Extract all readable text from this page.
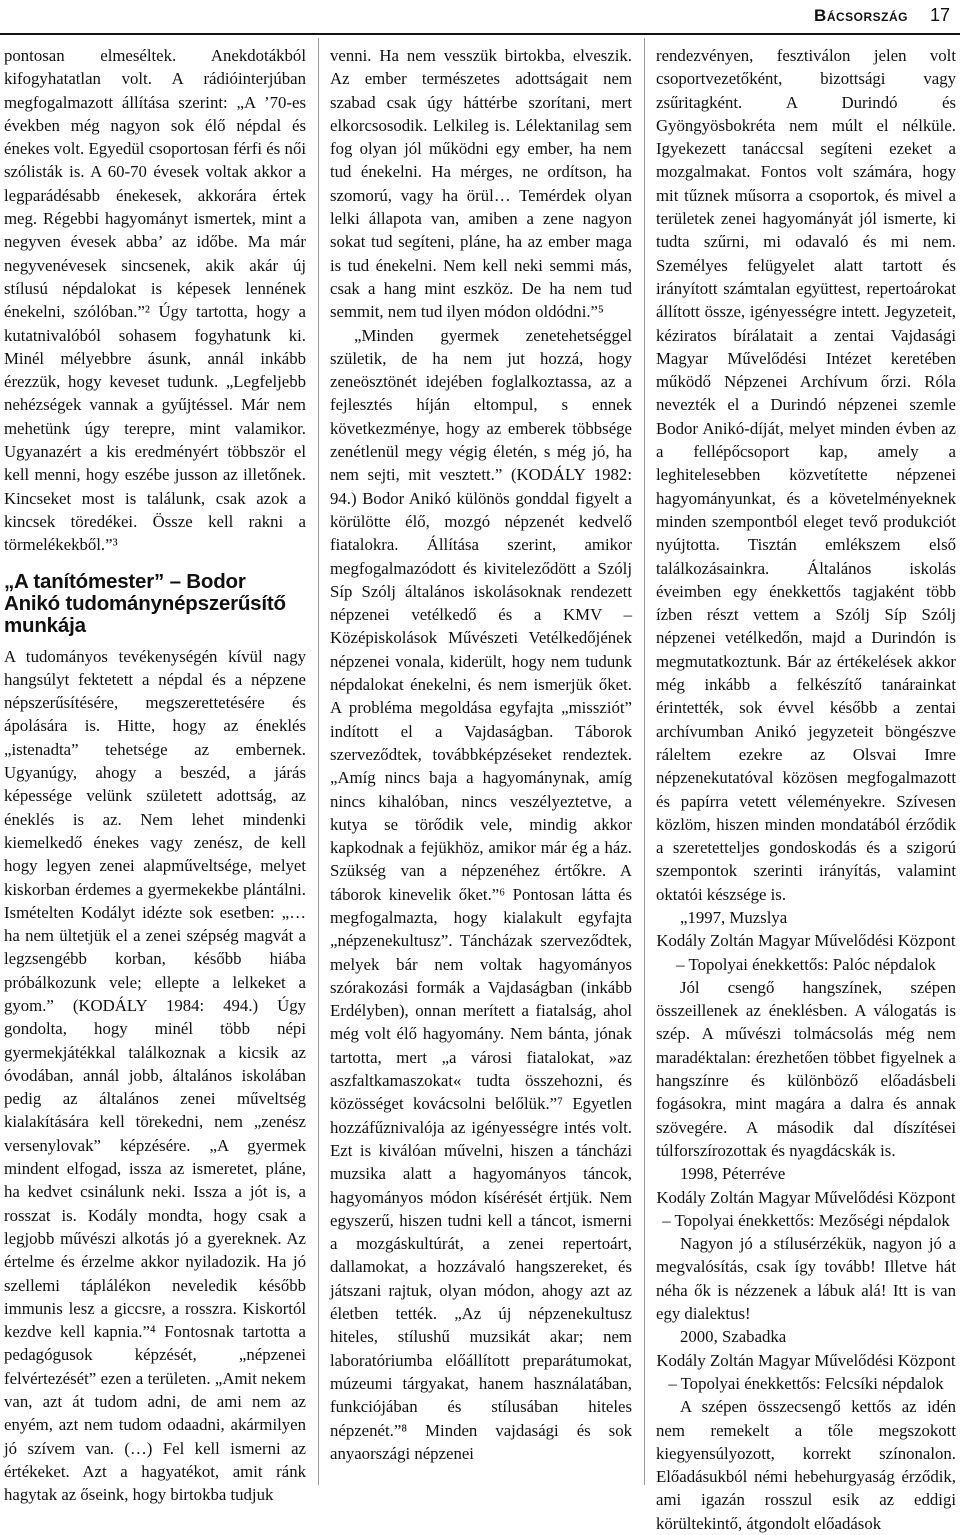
Bácsország 17

pontosan elmeséltek. Anekdotákból kifogyhatatlan volt. A rádióinterjúban megfogalmazott állítása szerint: „A ’70-es években még nagyon sok élő népdal és énekes volt. Egyedül csoportosan férfi és női szólisták is. A 60-70 évesek voltak akkor a legparádésabb énekesek, akkorára értek meg. Régebbi hagyományt ismertek, mint a negyven évesek abba’ az időbe. Ma már negyvenévesek sincsenek, akik akár új stílusú népdalokat is képesek lennének énekelni, szólóban.”² Úgy tartotta, hogy a kutatnivalóból sohasem fogyhatunk ki. Minél mélyebbre ásunk, annál inkább érezzük, hogy keveset tudunk. „Legfeljebb nehézségek vannak a gyűjtéssel. Már nem mehetünk úgy terepre, mint valamikor. Ugyanazért a kis eredményért többször el kell menni, hogy eszébe jusson az illetőnek. Kincseket most is találunk, csak azok a kincsek töredékei. Össze kell rakni a törmelékekből.”³

„A tanítómester” – Bodor Anikó tudománynépszerűsítő munkája

A tudományos tevékenységén kívül nagy hangsúlyt fektetett a népdal és a népzene népszerűsítésére, megszerettetésére és ápolására is. Hitte, hogy az éneklés „istenadta” tehetsége az embernek. Ugyanúgy, ahogy a beszéd, a járás képessége velünk született adottság, az éneklés is az. Nem lehet mindenki kiemelkedő énekes vagy zenész, de kell hogy legyen zenei alapműveltsége, melyet kiskorban érdemes a gyermekekbe plántálni. Ismételten Kodályt idézte sok esetben: „… ha nem ültetjük el a zenei szépség magvát a legzsengébb korban, később hiába próbálkozunk vele; ellepte a lelkeket a gyom.” (KODÁLY 1984: 494.) Úgy gondolta, hogy minél több népi gyermekjátékkal találkoznak a kicsik az óvodában, annál jobb, általános iskolában pedig az általános zenei műveltség kialakítására kell törekedni, nem „zenész versenylovak” képzésére. „A gyermek mindent elfogad, issza az ismeretet, pláne, ha kedvet csinálunk neki. Issza a jót is, a rosszat is. Kodály mondta, hogy csak a legjobb művészi alkotás jó a gyereknek. Az értelme és érzelme akkor nyiladozik. Ha jó szellemi táplálékon neveledik később immunis lesz a giccsre, a rosszra. Kiskortól kezdve kell kapnia.”⁴ Fontosnak tartotta a pedagógusok képzését, „népzenei felvértezését” ezen a területen. „Amit nekem van, azt át tudom adni, de ami nem az enyém, azt nem tudom odaadni, akármilyen jó szívem van. (…) Fel kell ismerni az értékeket. Azt a hagyatékot, amit ránk hagytak az őseink, hogy birtokba tudjuk

venni. Ha nem vesszük birtokba, elveszik. Az ember természetes adottságait nem szabad csak úgy háttérbe szorítani, mert elkorcsosodik. Lelkileg is. Lélektanilag sem fog olyan jól működni egy ember, ha nem tud énekelni. Ha mérges, ne ordítson, ha szomorú, vagy ha örül… Temérdek olyan lelki állapota van, amiben a zene nagyon sokat tud segíteni, pláne, ha az ember maga is tud énekelni. Nem kell neki semmi más, csak a hang mint eszköz. De ha nem tud semmit, nem tud ilyen módon oldódni.”⁵

„Minden gyermek zenetehetséggel születik, de ha nem jut hozzá, hogy zeneösztönét idejében foglalkoztassa, az a fejlesztés híján eltompul, s ennek következménye, hogy az emberek többsége zenétlenül megy végig életén, s még jó, ha nem sejti, mit vesztett.” (KODÁLY 1982: 94.) Bodor Anikó különös gonddal figyelt a körülötte élő, mozgó népzenét kedvelő fiatalokra. Állítása szerint, amikor megfogalmazódott és kiviteleződött a Szólj Síp Szólj általános iskolásoknak rendezett népzenei vetélkedő és a KMV – Középiskolások Művészeti Vetélkedőjének népzenei vonala, kiderült, hogy nem tudunk népdalokat énekelni, és nem ismerjük őket. A probléma megoldása egyfajta „missziót” indított el a Vajdaságban. Táborok szerveződtek, továbbképzéseket rendeztek. „Amíg nincs baja a hagyománynak, amíg nincs kihalóban, nincs veszélyeztetve, a kutya se törődik vele, mindig akkor kapkodnak a fejükhöz, amikor már ég a ház. Szükség van a népzenéhez értőkre. A táborok kinevelik őket.”⁶ Pontosan látta és megfogalmazta, hogy kialakult egyfajta „népzenekultusz”. Táncházak szerveződtek, melyek bár nem voltak hagyományos szórakozási formák a Vajdaságban (inkább Erdélyben), onnan merített a fiatalság, ahol még volt élő hagyomány. Nem bánta, jónak tartotta, mert „a városi fiatalokat, »az aszfaltkamaszokat« tudta összehozni, és közösséget kovácsolni belőlük.”⁷ Egyetlen hozzáfűznivalója az igényességre intés volt. Ezt is kiválóan művelni, hiszen a táncházi muzsika alatt a hagyományos táncok, hagyományos módon kísérését értjük. Nem egyszerű, hiszen tudni kell a táncot, ismerni a mozgáskultúrát, a zenei repertoárt, dallamokat, a hozzávaló hangszereket, és játszani rajtuk, olyan módon, ahogy azt az életben tették. „Az új népzenekultusz hiteles, stílushű muzsikát akar; nem laboratóriumba előállított preparátumokat, múzeumi tárgyakat, hanem használatában, funkciójában és stílusában hiteles népzenét.”⁸ Minden vajdasági és sok anyaországi népzenei

rendezvényen, fesztiválon jelen volt csoportvezetőként, bizottsági vagy zsűritagként. A Durindó és Gyöngyösbokréta nem múlt el nélküle. Igyekezett tanáccsal segíteni ezeket a mozgalmakat. Fontos volt számára, hogy mit tűznek műsorra a csoportok, és mivel a területek zenei hagyományát jól ismerte, ki tudta szűrni, mi odavaló és mi nem. Személyes felügyelet alatt tartott és irányított számtalan együttest, repertoárokat állított össze, igényességre intett. Jegyzeteit, kéziratos bírálatait a zentai Vajdasági Magyar Művelődési Intézet keretében működő Népzenei Archívum őrzi. Róla nevezték el a Durindó népzenei szemle Bodor Anikó-díját, melyet minden évben az a fellépőcsoport kap, amely a leghitelesebben közvetítette népzenei hagyományunkat, és a követelményeknek minden szempontból eleget tevő produkciót nyújtotta. Tisztán emlékszem első találkozásainkra. Általános iskolás éveimben egy énekkettős tagjaként több ízben részt vettem a Szólj Síp Szólj népzenei vetélkedőn, majd a Durindón is megmutatkoztunk. Bár az értékelések akkor még inkább a felkészítő tanárainkat érintették, sok évvel később a zentai archívumban Anikó jegyzeteit böngészve ráleltem ezekre az Olsvai Imre népzenekutatóval közösen megfogalmazott és papírra vetett véleményekre. Szívesen közlöm, hiszen minden mondatából érződik a szeretetteljes gondoskodás és a szigorú szempontok szerinti irányítás, valamint oktatói készsége is.

„1997, Muzslya

Kodály Zoltán Magyar Művelődési Központ – Topolyai énekkettős: Palóc népdalok

Jól csengő hangszínek, szépen összeillenek az éneklésben. A válogatás is szép. A művészi tolmácsolás még nem maradéktalan: érezhetően többet figyelnek a hangszínre és különböző előadásbeli fogásokra, mint magára a dalra és annak szövegére. A második dal díszítései túlforszírozottak és nyagdácskák is.

1998, Péterréve

Kodály Zoltán Magyar Művelődési Központ – Topolyai énekkettős: Mezőségi népdalok

Nagyon jó a stílusérzékük, nagyon jó a megvalósítás, csak így tovább! Illetve hát néha ők is nézzenek a lábuk alá! Itt is van egy dialektus!

2000, Szabadka

Kodály Zoltán Magyar Művelődési Központ – Topolyai énekkettős: Felcsíki népdalok

A szépen összecsengő kettős az idén nem remekelt a tőle megszokott kiegyensúlyozott, korrekt színonalon. Előadásukból némi hebehurgyaság érződik, ami igazán rosszul esik az eddigi körültekintő, átgondolt előadások
